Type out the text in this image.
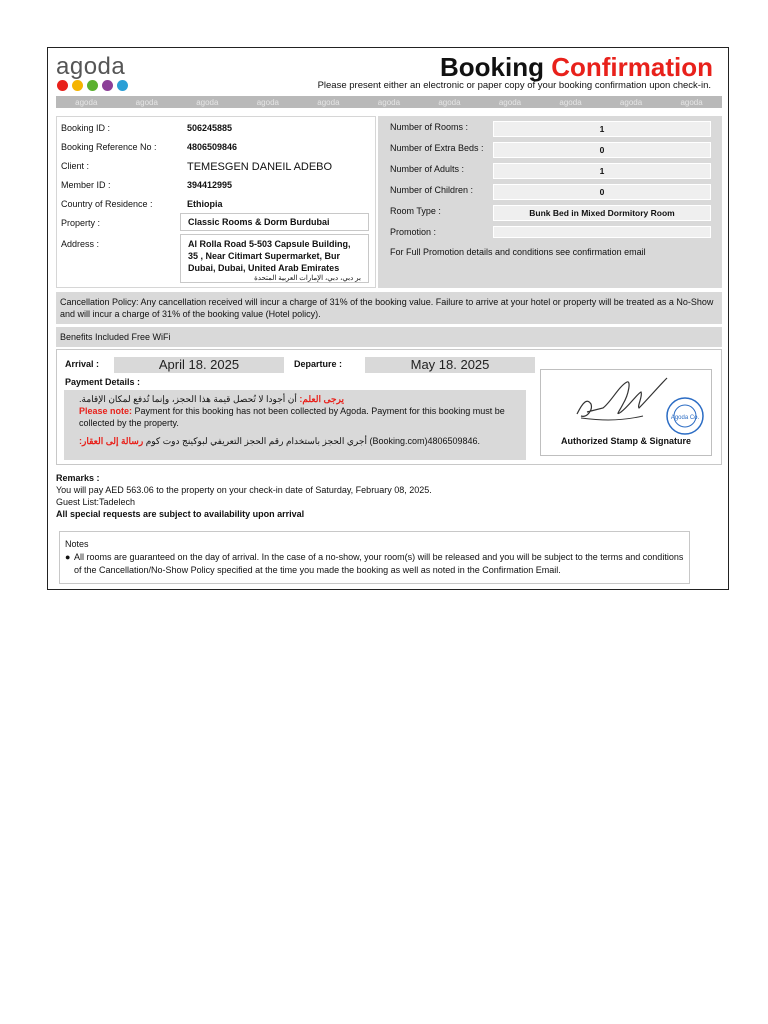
agoda	Booking Confirmation
Please present either an electronic or paper copy of your booking confirmation upon check-in.
agoda	agoda	agoda	agoda	agoda	agoda	agoda	agoda	agoda	agoda	agoda
Booking ID :	506245885
Booking Reference No :	4806509846
Client :	TEMESGEN DANEIL ADEBO
Member ID :	394412995
Country of Residence :	Ethiopia
Property :	Classic Rooms & Dorm Burdubai
Address :	Al Rolla Road 5-503 Capsule Building,
35 , Near Citimart Supermarket, Bur
Dubai, Dubai, United Arab Emirates
بر دبي، دبي، الإمارات العربية المتحدة
Number of Rooms :	1
Number of Extra Beds :	0
Number of Adults :	1
Number of Children :	0
Room Type :	Bunk Bed in Mixed Dormitory Room
Promotion :
For Full Promotion details and conditions see confirmation email
Cancellation Policy: Any cancellation received will incur a charge of 31% of the booking value. Failure to arrive at your hotel or property will be treated as a No-Show and will incur a charge of 31% of the booking value (Hotel policy).
Benefits Included Free WiFi
Arrival :	April 18. 2025	Departure :	May 18. 2025
Payment Details :
يرجى العلم: أن أجودا لا تُحصل قيمة هذا الحجز، وإنما تُدفع لمكان الإقامة.
Please note: Payment for this booking has not been collected by Agoda. Payment for this booking must be collected by the property.
أجري الحجز باستخدام رقم الحجز التعريفي لبوكينج دوت كوم رسالة إلى العقار:	(Booking.com)4806509846.
Agoda Co.
Authorized Stamp & Signature
Remarks :
You will pay AED 563.06 to the property on your check-in date of Saturday, February 08, 2025.
Guest List:Tadelech
All special requests are subject to availability upon arrival
Notes
● All rooms are guaranteed on the day of arrival. In the case of a no-show, your room(s) will be released and you will be subject to the terms and conditions of the Cancellation/No-Show Policy specified at the time you made the booking as well as noted in the Confirmation Email.
